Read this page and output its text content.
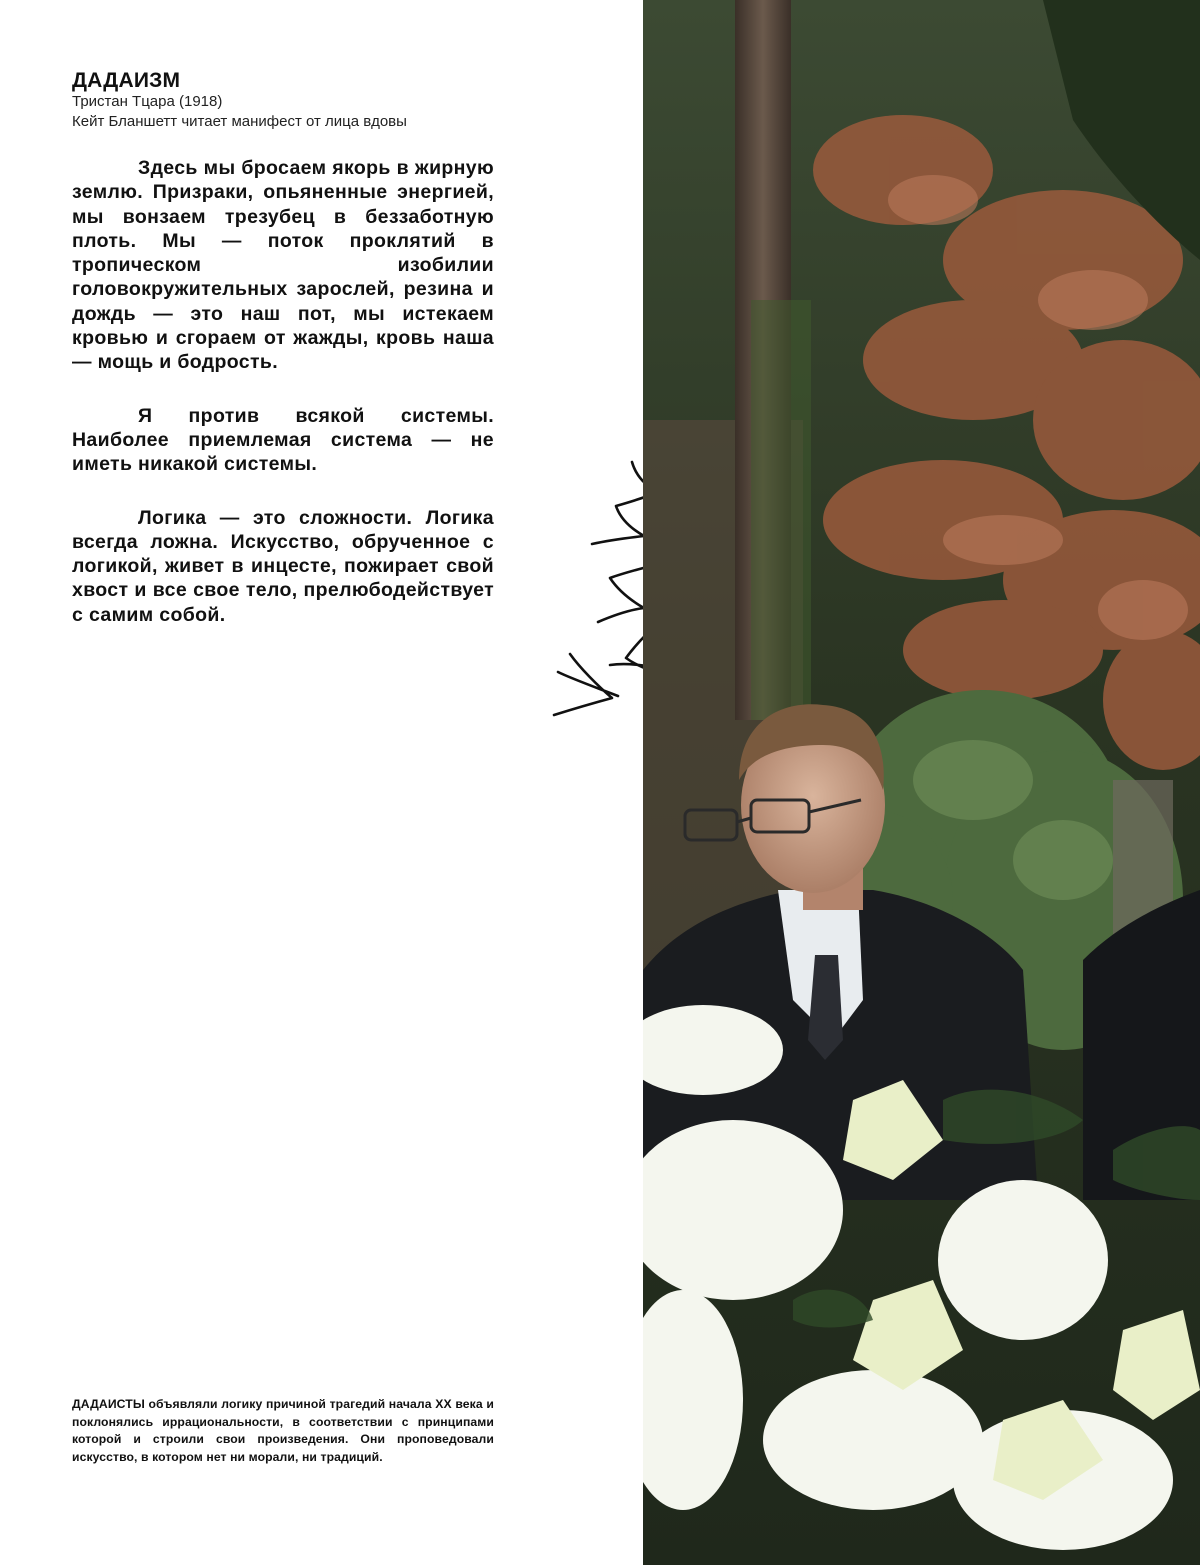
ДАДАИЗМ
Тристан Тцара (1918)
Кейт Бланшетт читает манифест от лица вдовы

Здесь мы бросаем якорь в жирную землю. Призраки, опьяненные энергией, мы вонзаем трезубец в беззаботную плоть. Мы — поток проклятий в тропическом изобилии головокружительных зарослей, резина и дождь — это наш пот, мы истекаем кровью и сгораем от жажды, кровь наша — мощь и бодрость.

Я против всякой системы. Наиболее приемлемая система — не иметь никакой системы.

Логика — это сложности. Логика всегда ложна. Искусство, обрученное с логикой, живет в инцесте, пожирает свой хвост и все свое тело, прелюбодействует с самим собой.

ДАДАИСТЫ объявляли логику причиной трагедий начала XX века и поклонялись иррациональности, в соответствии с принципами которой и строили свои произведения. Они проповедовали искусство, в котором нет ни морали, ни традиций.
